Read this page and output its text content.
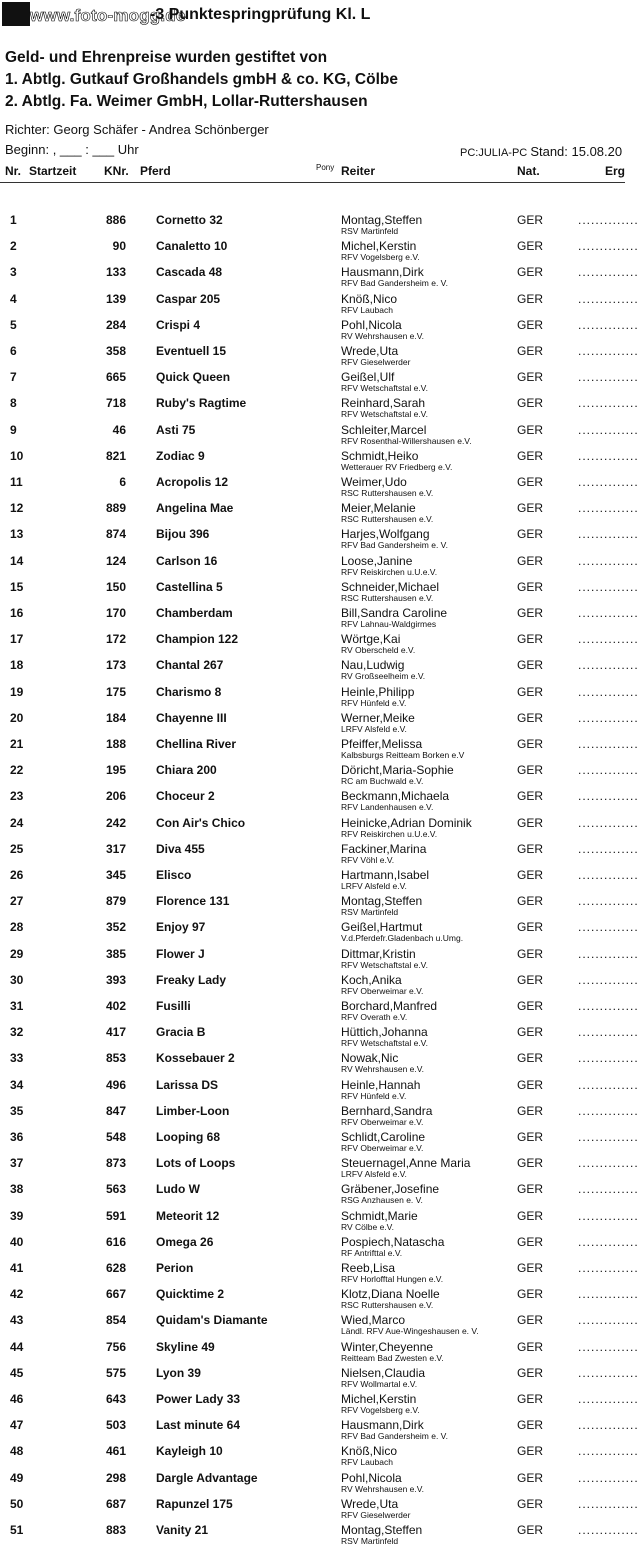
www.foto-mogg.de
-3 Punktespringprüfung Kl. L
Geld- und Ehrenpreise wurden gestiftet von
1. Abtlg. Gutkauf Großhandels gmbH & co. KG, Cölbe
2. Abtlg. Fa. Weimer GmbH, Lollar-Ruttershausen
Richter: Georg Schäfer - Andrea Schönberger
Beginn: , ___ : ___ Uhr	PC:JULIA-PC Stand: 15.08.20
Nr. Startzeit KNr. Pferd	Pony Reiter	Nat.	Erg
1	886	Cornetto 32	Montag,Steffen
RSV Martinfeld
GER	..............
2	90	Canaletto 10	Michel,Kerstin
RFV Vogelsberg e.V.
GER	..............
3	133	Cascada 48	Hausmann,Dirk
RFV Bad Gandersheim e. V.
GER	..............
4	139	Caspar 205	Knöß,Nico
RFV Laubach
GER	..............
5	284	Crispi 4	Pohl,Nicola
RV Wehrshausen e.V.
GER	..............
6	358	Eventuell 15	Wrede,Uta
RFV Gieselwerder
GER	..............
7	665	Quick Queen	Geißel,Ulf
RFV Wetschaftstal e.V.
GER	..............
8	718	Ruby's Ragtime	Reinhard,Sarah
RFV Wetschaftstal e.V.
GER	..............
9	46	Asti 75	Schleiter,Marcel
RFV Rosenthal-Willershausen e.V.
GER	..............
10	821	Zodiac 9	Schmidt,Heiko
Wetterauer RV Friedberg e.V.
GER	..............
11	6	Acropolis 12	Weimer,Udo
RSC Ruttershausen e.V.
GER	..............
12	889	Angelina Mae	Meier,Melanie
RSC Ruttershausen e.V.
GER	..............
13	874	Bijou 396	Harjes,Wolfgang
RFV Bad Gandersheim e. V.
GER	..............
14	124	Carlson 16	Loose,Janine
RFV Reiskirchen u.U.e.V.
GER	..............
15	150	Castellina 5	Schneider,Michael
RSC Ruttershausen e.V.
GER	..............
16	170	Chamberdam	Bill,Sandra Caroline
RFV Lahnau-Waldgirmes
GER	..............
17	172	Champion 122	Wörtge,Kai
RV Oberscheld e.V.
GER	..............
18	173	Chantal 267	Nau,Ludwig
RV Großseelheim e.V.
GER	..............
19	175	Charismo 8	Heinle,Philipp
RFV Hünfeld e.V.
GER	..............
20	184	Chayenne III	Werner,Meike
LRFV Alsfeld e.V.
GER	..............
21	188	Chellina River	Pfeiffer,Melissa
Kalbsburgs Reitteam Borken e.V
GER	..............
22	195	Chiara 200	Döricht,Maria-Sophie
RC am Buchwald e.V.
GER	..............
23	206	Choceur 2	Beckmann,Michaela
RFV Landenhausen e.V.
GER	..............
24	242	Con Air's Chico	Heinicke,Adrian Dominik
RFV Reiskirchen u.U.e.V.
GER	..............
25	317	Diva 455	Fackiner,Marina
RFV Vöhl e.V.
GER	..............
26	345	Elisco	Hartmann,Isabel
LRFV Alsfeld e.V.
GER	..............
27	879	Florence 131	Montag,Steffen
RSV Martinfeld
GER	..............
28	352	Enjoy 97	Geißel,Hartmut
V.d.Pferdefr.Gladenbach u.Umg.
GER	..............
29	385	Flower J	Dittmar,Kristin
RFV Wetschaftstal e.V.
GER	..............
30	393	Freaky Lady	Koch,Anika
RFV Oberweimar e.V.
GER	..............
31	402	Fusilli	Borchard,Manfred
RFV Overath e.V.
GER	..............
32	417	Gracia B	Hüttich,Johanna
RFV Wetschaftstal e.V.
GER	..............
33	853	Kossebauer 2	Nowak,Nic
RV Wehrshausen e.V.
GER	..............
34	496	Larissa DS	Heinle,Hannah
RFV Hünfeld e.V.
GER	..............
35	847	Limber-Loon	Bernhard,Sandra
RFV Oberweimar e.V.
GER	..............
36	548	Looping 68	Schlidt,Caroline
RFV Oberweimar e.V.
GER	..............
37	873	Lots of Loops	Steuernagel,Anne Maria
LRFV Alsfeld e.V.
GER	..............
38	563	Ludo W	Gräbener,Josefine
RSG Anzhausen e. V.
GER	..............
39	591	Meteorit 12	Schmidt,Marie
RV Cölbe e.V.
GER	..............
40	616	Omega 26	Pospiech,Natascha
RF Antrifttal e.V.
GER	..............
41	628	Perion	Reeb,Lisa
RFV Horlofftal Hungen e.V.
GER	..............
42	667	Quicktime 2	Klotz,Diana Noelle
RSC Ruttershausen e.V.
GER	..............
43	854	Quidam's Diamante	Wied,Marco
Ländl. RFV Aue-Wingeshausen e. V.
GER	..............
44	756	Skyline 49	Winter,Cheyenne
Reitteam Bad Zwesten e.V.
GER	..............
45	575	Lyon 39	Nielsen,Claudia
RFV Wollmartal e.V.
GER	..............
46	643	Power Lady 33	Michel,Kerstin
RFV Vogelsberg e.V.
GER	..............
47	503	Last minute 64	Hausmann,Dirk
RFV Bad Gandersheim e. V.
GER	..............
48	461	Kayleigh 10	Knöß,Nico
RFV Laubach
GER	..............
49	298	Dargle Advantage	Pohl,Nicola
RV Wehrshausen e.V.
GER	..............
50	687	Rapunzel 175	Wrede,Uta
RFV Gieselwerder
GER	..............
51	883	Vanity 21	Montag,Steffen
RSV Martinfeld
GER	..............
